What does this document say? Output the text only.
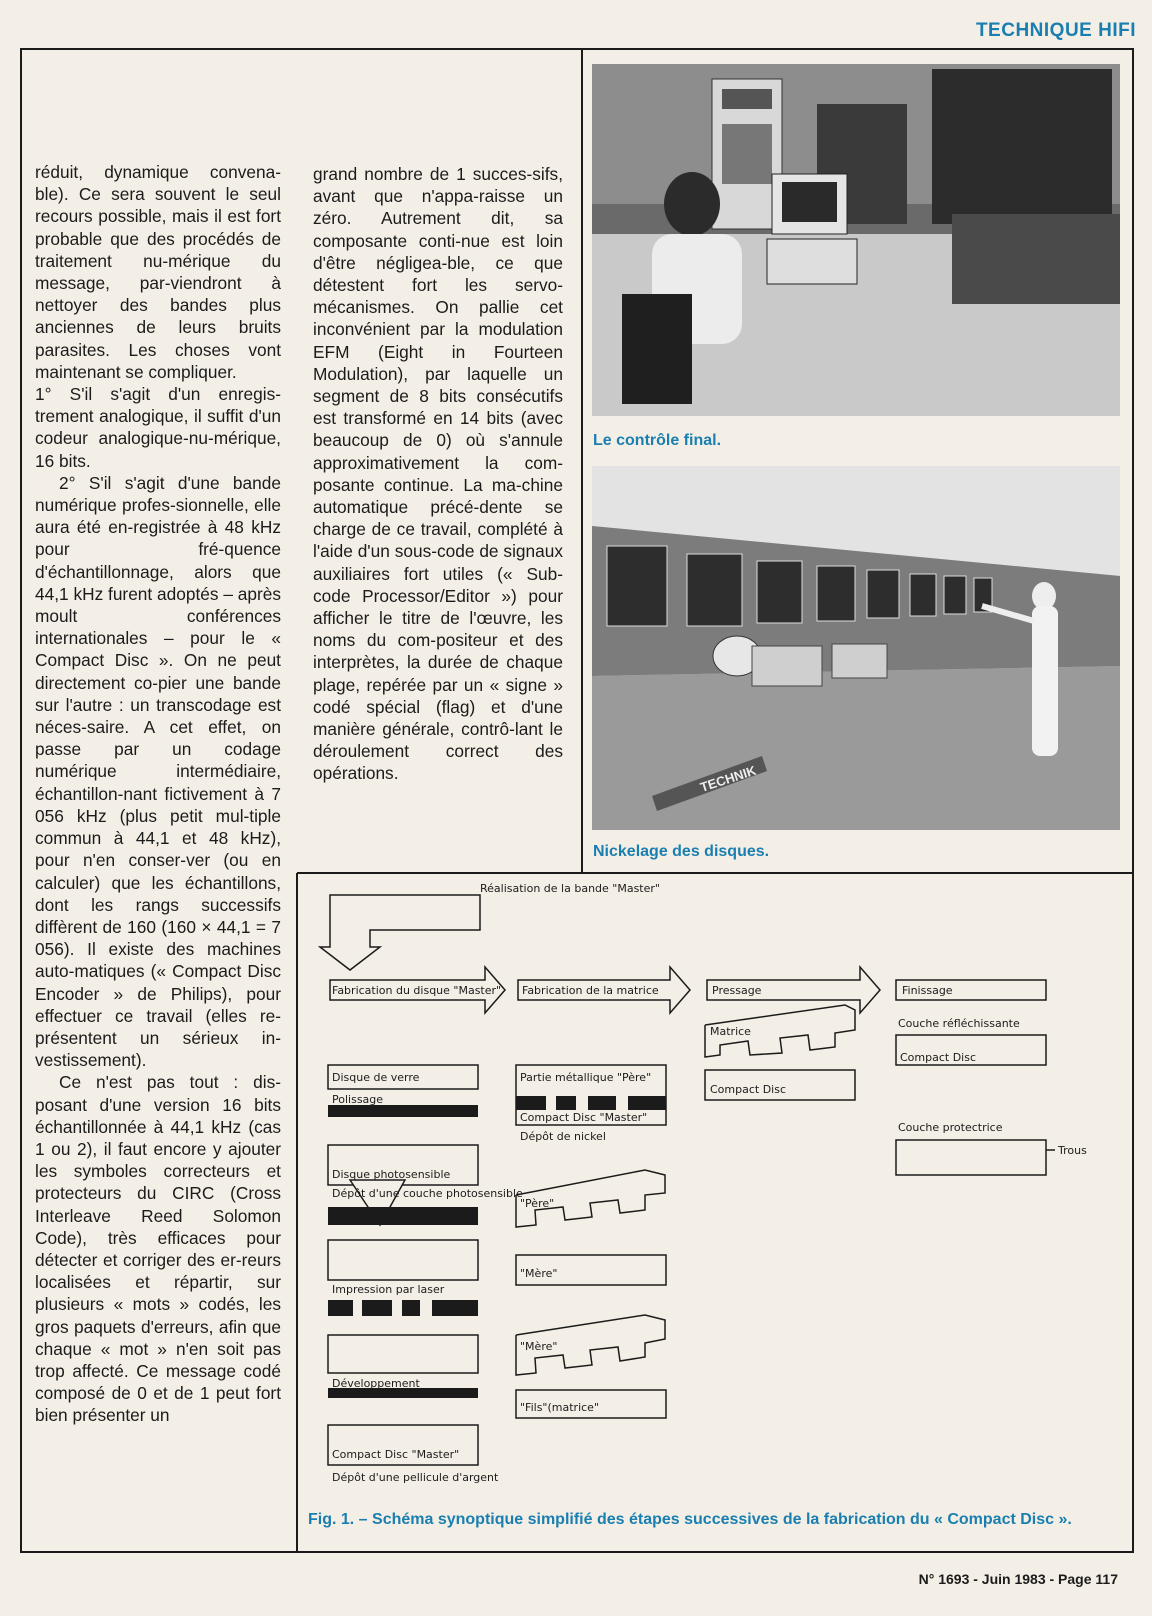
TECHNIQUE HIFI

réduit, dynamique convena-ble). Ce sera souvent le seul recours possible, mais il est fort probable que des procédés de traitement nu-mérique du message, par-viendront à nettoyer des bandes plus anciennes de leurs bruits parasites. Les choses vont maintenant se compliquer.

1° S'il s'agit d'un enregis-trement analogique, il suffit d'un codeur analogique-nu-mérique, 16 bits.

2° S'il s'agit d'une bande numérique profes-sionnelle, elle aura été en-registrée à 48 kHz pour fré-quence d'échantillonnage, alors que 44,1 kHz furent adoptés – après moult conférences internationales – pour le « Compact Disc ». On ne peut directement co-pier une bande sur l'autre : un transcodage est néces-saire. A cet effet, on passe par un codage numérique intermédiaire, échantillon-nant fictivement à 7 056 kHz (plus petit mul-tiple commun à 44,1 et 48 kHz), pour n'en conser-ver (ou en calculer) que les échantillons, dont les rangs successifs diffèrent de 160 (160 × 44,1 = 7 056). Il existe des machines auto-matiques (« Compact Disc Encoder » de Philips), pour effectuer ce travail (elles re-présentent un sérieux in-vestissement).

Ce n'est pas tout : dis-posant d'une version 16 bits échantillonnée à 44,1 kHz (cas 1 ou 2), il faut encore y ajouter les symboles correcteurs et protecteurs du CIRC (Cross Interleave Reed Solomon Code), très efficaces pour détecter et corriger des er-reurs localisées et répartir, sur plusieurs « mots » codés, les gros paquets d'erreurs, afin que chaque « mot » n'en soit pas trop affecté. Ce message codé composé de 0 et de 1 peut fort bien présenter un

grand nombre de 1 succes-sifs, avant que n'appa-raisse un zéro. Autrement dit, sa composante conti-nue est loin d'être négligea-ble, ce que détestent fort les servo-mécanismes. On pallie cet inconvénient par la modulation EFM (Eight in Fourteen Modulation), par laquelle un segment de 8 bits consécutifs est transformé en 14 bits (avec beaucoup de 0) où s'annule approximativement la com-posante continue. La ma-chine automatique précé-dente se charge de ce travail, complété à l'aide d'un sous-code de signaux auxiliaires fort utiles (« Sub-code Processor/Editor ») pour afficher le titre de l'œuvre, les noms du com-positeur et des interprètes, la durée de chaque plage, repérée par un « signe » codé spécial (flag) et d'une manière générale, contrô-lant le déroulement correct des opérations.

Le contrôle final.
TECHNIK
Nickelage des disques.
Réalisation de la bande "Master"
Fabrication du disque "Master" Fabrication de la matrice	Pressage	Finissage
Disque de verre
Polissage
Disque photosensible
Dépôt d'une couche photosensible
Impression par laser
Développement
Compact Disc "Master"
Dépôt d'une pellicule d'argent
Partie métallique "Père"
Compact Disc "Master"
Dépôt de nickel
"Père"
"Mère"
"Mère"
"Fils"(matrice"
Matrice
Compact Disc
Couche réfléchissante
Compact Disc
Couche protectrice
Trous
Fig. 1. – Schéma synoptique simplifié des étapes successives de la fabrication du « Compact Disc ».
N° 1693 - Juin 1983 - Page 117
